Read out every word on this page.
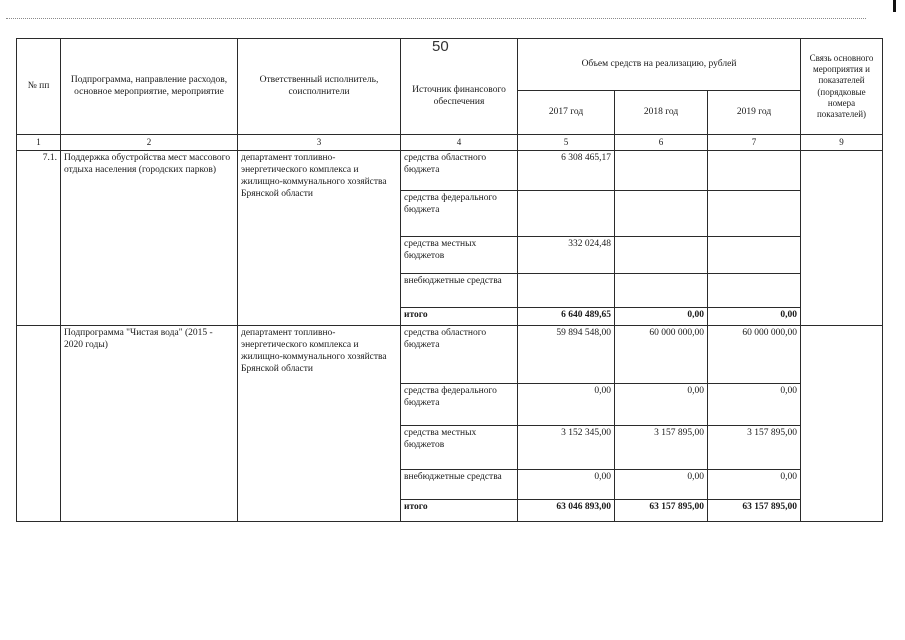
50
№ пп	Подпрограмма, направление расходов, основное мероприятие, мероприятие	Ответственный исполнитель, соисполнители	Источник финансового обеспечения	Объем средств на реализацию, рублей			Связь основного мероприятия и показателей (порядковые номера показателей)
				2017 год	2018 год	2019 год	
1	2	3	4	5	6	7	9
7.1.	Поддержка обустройства мест массового отдыха населения (городских парков)	департамент топливно-энергетического комплекса и жилищно-коммунального хозяйства Брянской области	средства областного бюджета	6 308 465,17			
			средства федерального бюджета				
			средства местных бюджетов	332 024,48			
			внебюджетные средства				
			итого	6 640 489,65	0,00	0,00	
	Подпрограмма "Чистая вода" (2015 - 2020 годы)	департамент топливно-энергетического комплекса и жилищно-коммунального хозяйства Брянской области	средства областного бюджета	59 894 548,00	60 000 000,00	60 000 000,00	
			средства федерального бюджета	0,00	0,00	0,00	
			средства местных бюджетов	3 152 345,00	3 157 895,00	3 157 895,00	
			внебюджетные средства	0,00	0,00	0,00	
			итого	63 046 893,00	63 157 895,00	63 157 895,00	
